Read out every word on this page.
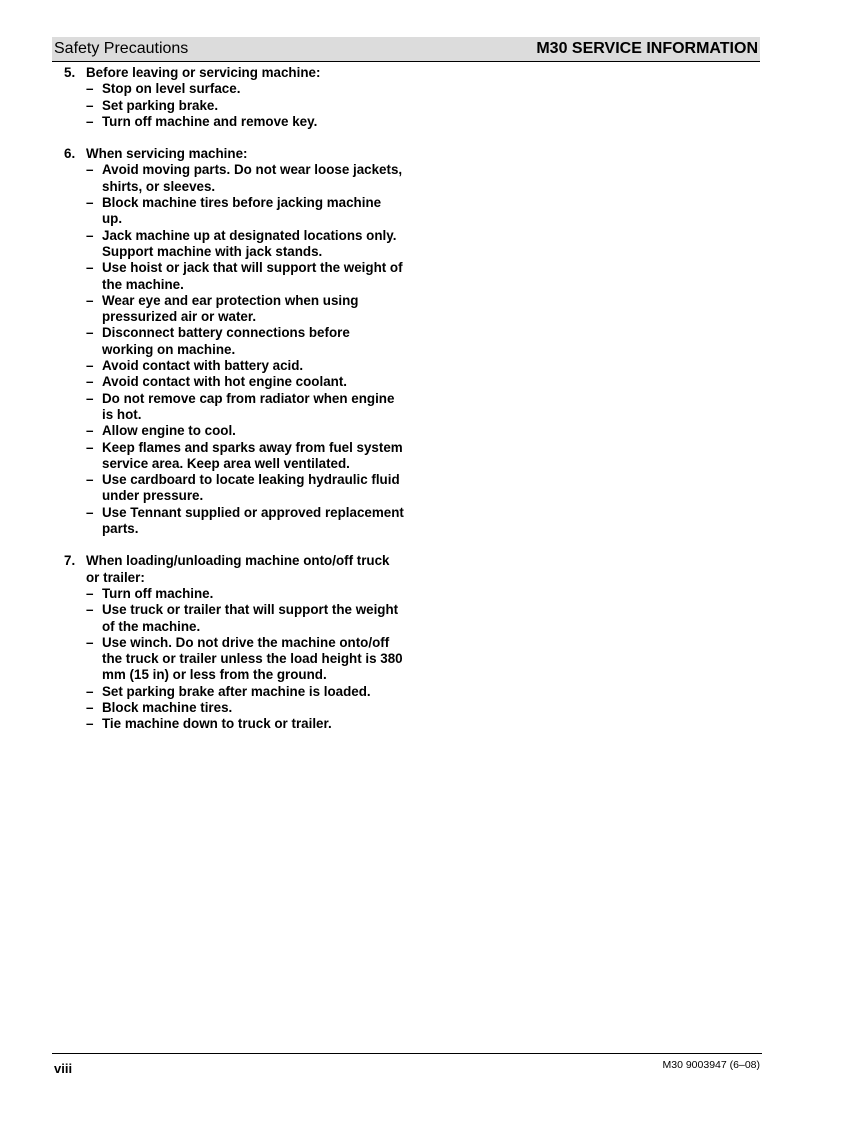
Safety Precautions	M30 SERVICE INFORMATION
5. Before leaving or servicing machine:
– Stop on level surface.
– Set parking brake.
– Turn off machine and remove key.
6. When servicing machine:
– Avoid moving parts. Do not wear loose jackets, shirts, or sleeves.
– Block machine tires before jacking machine up.
– Jack machine up at designated locations only. Support machine with jack stands.
– Use hoist or jack that will support the weight of the machine.
– Wear eye and ear protection when using pressurized air or water.
– Disconnect battery connections before working on machine.
– Avoid contact with battery acid.
– Avoid contact with hot engine coolant.
– Do not remove cap from radiator when engine is hot.
– Allow engine to cool.
– Keep flames and sparks away from fuel system service area. Keep area well ventilated.
– Use cardboard to locate leaking hydraulic fluid under pressure.
– Use Tennant supplied or approved replacement parts.
7. When loading/unloading machine onto/off truck or trailer:
– Turn off machine.
– Use truck or trailer that will support the weight of the machine.
– Use winch. Do not drive the machine onto/off the truck or trailer unless the load height is 380 mm (15 in) or less from the ground.
– Set parking brake after machine is loaded.
– Block machine tires.
– Tie machine down to truck or trailer.
viii	M30 9003947 (6–08)
